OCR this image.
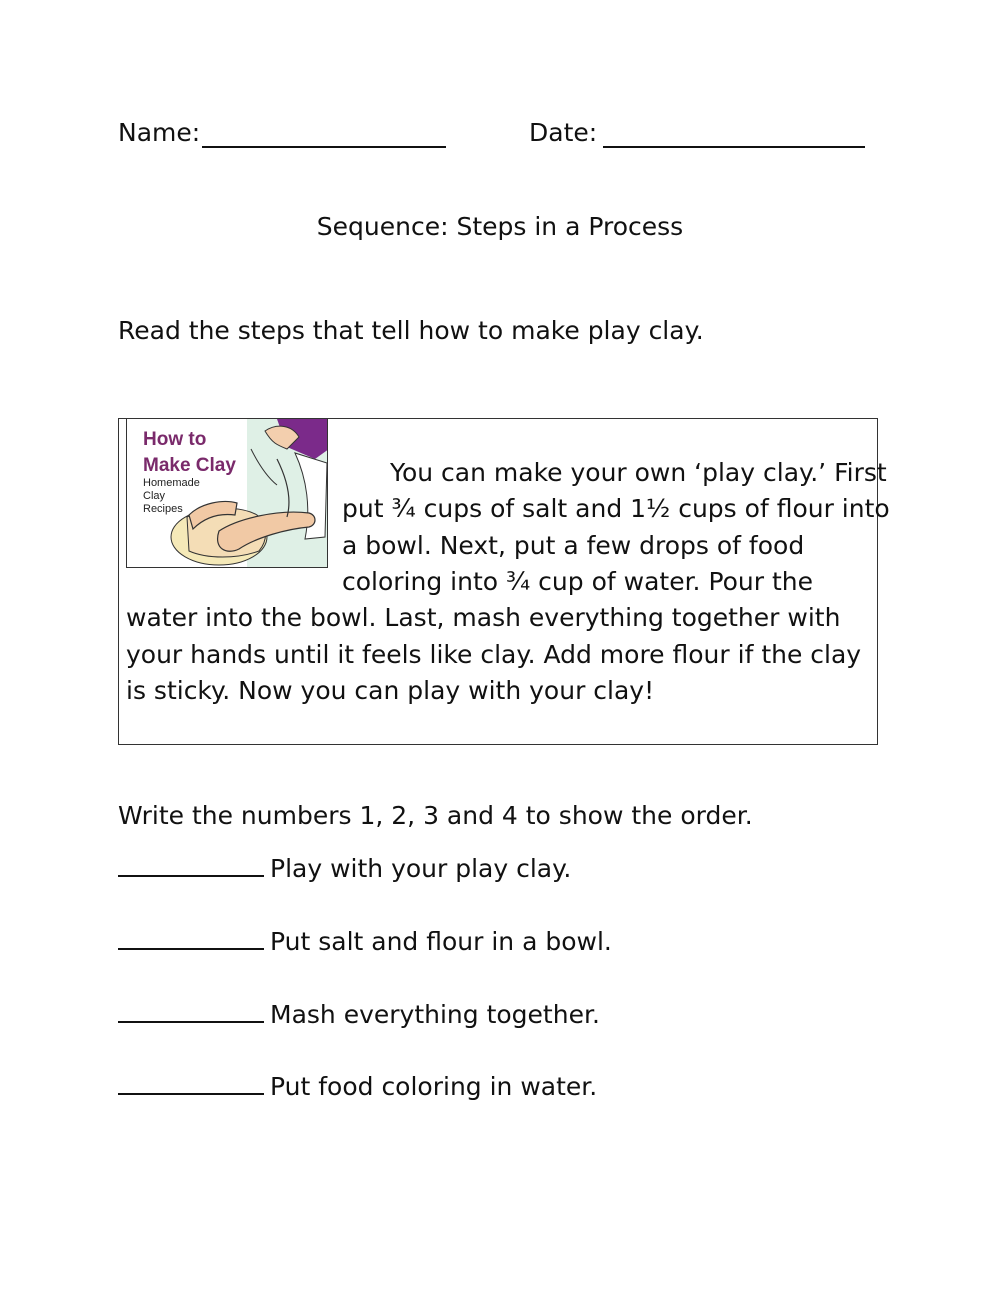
Name:	Date:
Sequence: Steps in a Process
Read the steps that tell how to make play clay.
How to
Make Clay
Homemade
Clay
Recipes
You can make your own ‘play clay.’ First
put ¾ cups of salt and 1½ cups of flour into
a bowl. Next, put a few drops of food
coloring into ¾ cup of water. Pour the
water into the bowl. Last, mash everything together with
your hands until it feels like clay. Add more flour if the clay
is sticky. Now you can play with your clay!
Write the numbers 1, 2, 3 and 4 to show the order.
Play with your play clay.
Put salt and flour in a bowl.
Mash everything together.
Put food coloring in water.
